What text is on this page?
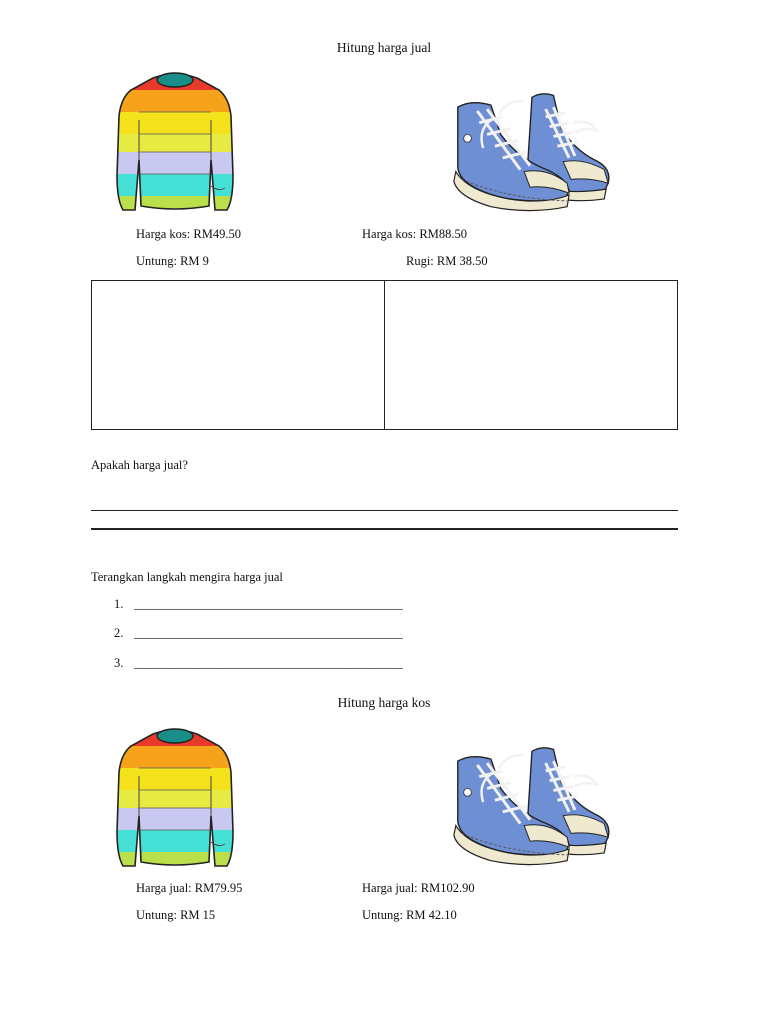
Hitung harga jual
Harga kos: RM49.50	Harga kos: RM88.50
Untung: RM 9	Rugi: RM 38.50
Apakah harga jual?
Terangkan langkah mengira harga jual
1. ___________________________________________
2. ___________________________________________
3. ___________________________________________
Hitung harga kos
Harga jual: RM79.95	Harga jual: RM102.90
Untung: RM 15	Untung: RM 42.10
